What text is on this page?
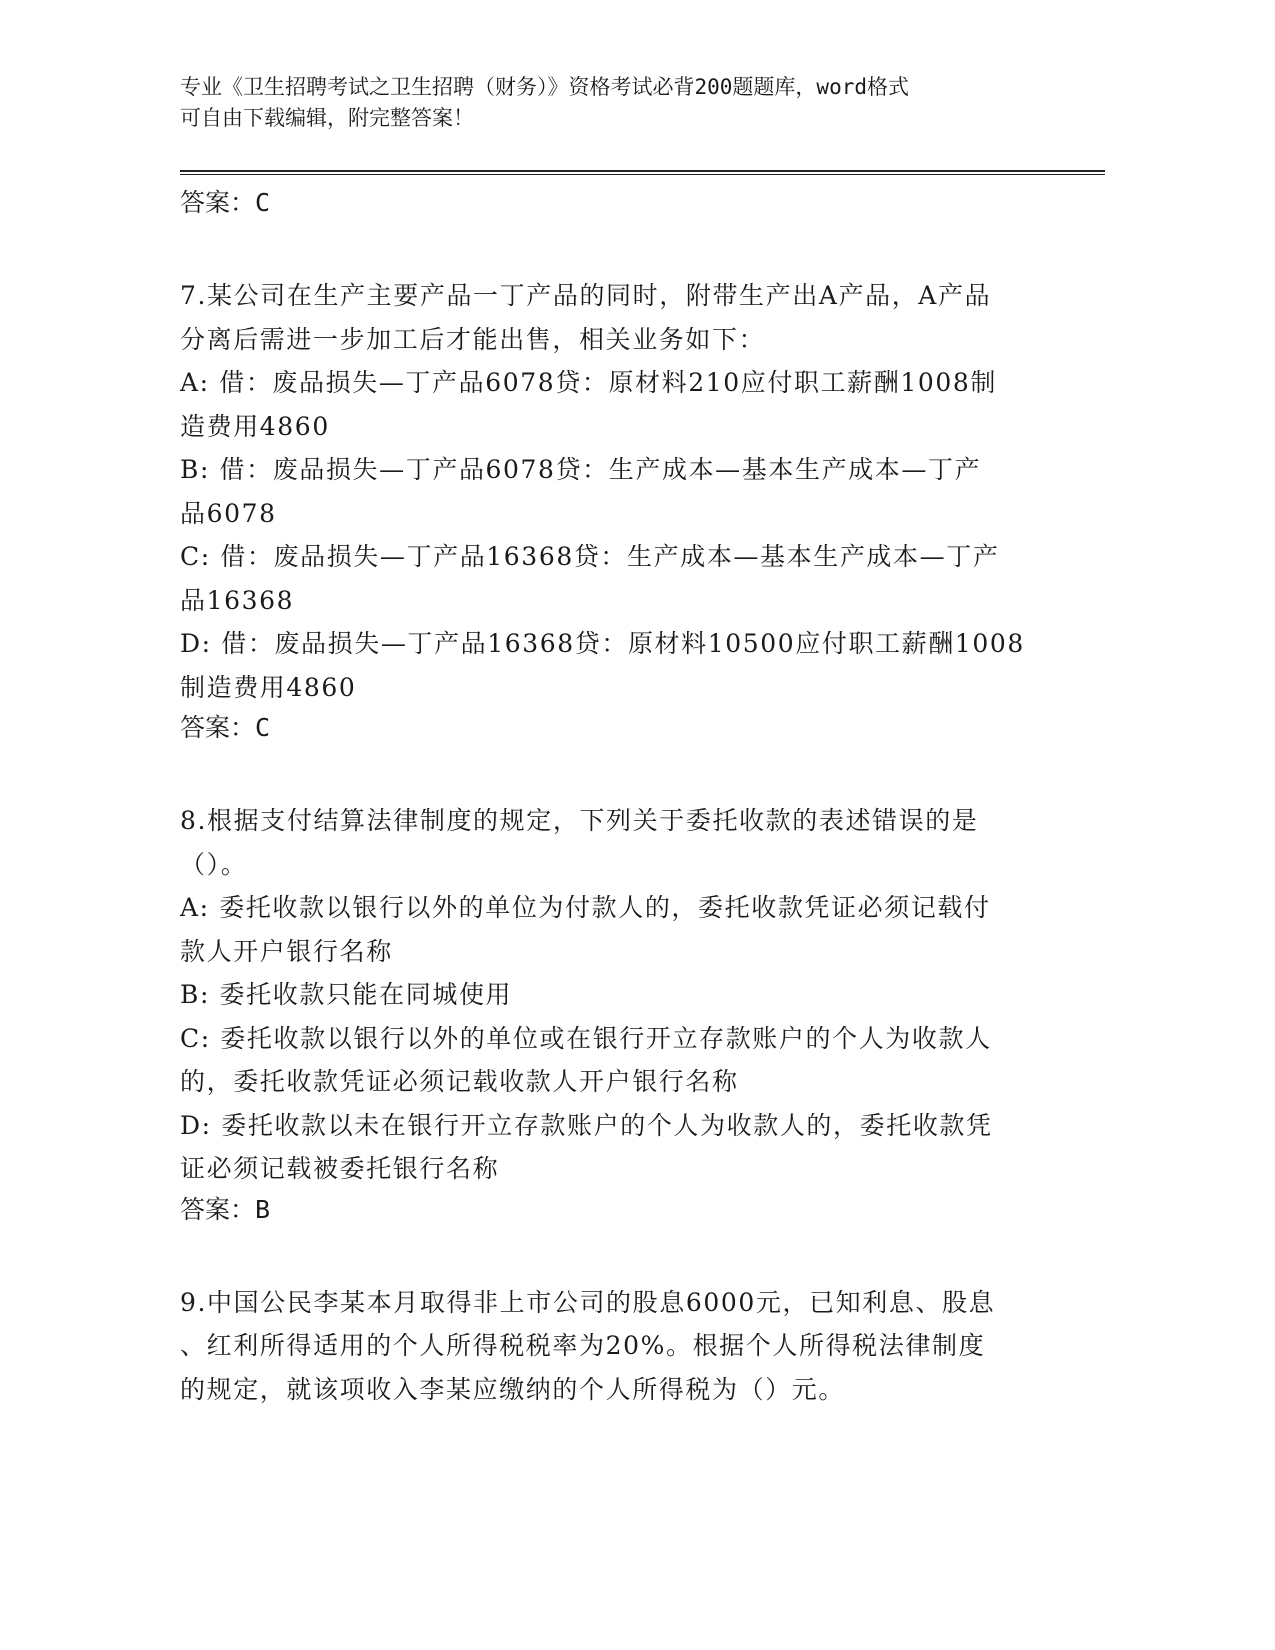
专业《卫生招聘考试之卫生招聘（财务）》资格考试必背200题题库，word格式
可自由下载编辑，附完整答案！
答案：C
7.某公司在生产主要产品一丁产品的同时，附带生产出A产品，A产品
分离后需进一步加工后才能出售，相关业务如下：
A: 借：废品损失—丁产品6078贷：原材料210应付职工薪酬1008制
造费用4860
B: 借：废品损失—丁产品6078贷：生产成本—基本生产成本—丁产
品6078
C: 借：废品损失—丁产品16368贷：生产成本—基本生产成本—丁产
品16368
D: 借：废品损失—丁产品16368贷：原材料10500应付职工薪酬1008
制造费用4860
答案：C
8.根据支付结算法律制度的规定，下列关于委托收款的表述错误的是
（）。
A: 委托收款以银行以外的单位为付款人的，委托收款凭证必须记载付
款人开户银行名称
B: 委托收款只能在同城使用
C: 委托收款以银行以外的单位或在银行开立存款账户的个人为收款人
的，委托收款凭证必须记载收款人开户银行名称
D: 委托收款以未在银行开立存款账户的个人为收款人的，委托收款凭
证必须记载被委托银行名称
答案：B
9.中国公民李某本月取得非上市公司的股息6000元，已知利息、股息
、红利所得适用的个人所得税税率为20%。根据个人所得税法律制度
的规定，就该项收入李某应缴纳的个人所得税为（）元。
